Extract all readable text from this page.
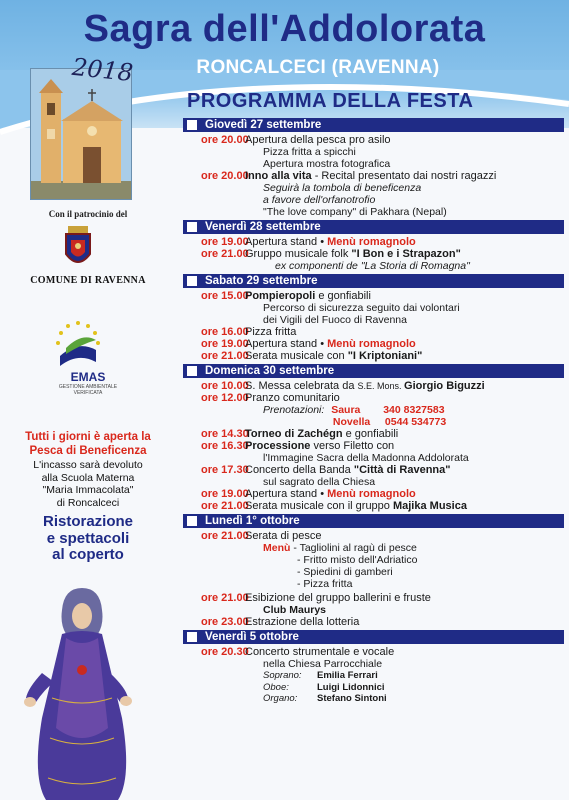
Sagra dell'Addolorata
RONCALCECI (RAVENNA)
2018
PROGRAMMA DELLA FESTA
Con il patrocinio del
COMUNE DI RAVENNA
EMAS
GESTIONE AMBIENTALE
VERIFICATA
Tutti i giorni è aperta la
Pesca di Beneficenza
L'incasso sarà devoluto
alla Scuola Materna
"Maria Immacolata"
di Roncalceci
Ristorazione
e spettacoli
al coperto
Giovedì 27 settembre
ore 20.00
Apertura della pesca pro asilo
Pizza fritta a spicchi
Apertura mostra fotografica
ore 20.00
Inno alla vita - Recital presentato dai nostri ragazzi
Seguirà la tombola di beneficenza
a favore dell'orfanotrofio
"The love company" di Pakhara (Nepal)
Venerdì 28 settembre
ore 19.00
Apertura stand • Menù romagnolo
ore 21.00
Gruppo musicale folk "I Bon e i Strapazon"
ex componenti de "La Storia di Romagna"
Sabato 29 settembre
ore 15.00
Pompieropoli e gonfiabili
Percorso di sicurezza seguito dai volontari
dei Vigili del Fuoco di Ravenna
ore 16.00
Pizza fritta
ore 19.00
Apertura stand • Menù romagnolo
ore 21.00
Serata musicale con "I Kriptoniani"
Domenica 30 settembre
ore 10.00
S. Messa celebrata da S.E. Mons. Giorgio Biguzzi
ore 12.00
Pranzo comunitario
Prenotazioni: Saura 340 8327583
Novella 0544 534773
ore 14.30
Torneo di Zachégn e gonfiabili
ore 16.30
Processione verso Filetto con
l'Immagine Sacra della Madonna Addolorata
ore 17.30
Concerto della Banda "Città di Ravenna"
sul sagrato della Chiesa
ore 19.00
Apertura stand • Menù romagnolo
ore 21.00
Serata musicale con il gruppo Majika Musica
Lunedì 1° ottobre
ore 21.00
Serata di pesce
Menù - Tagliolini al ragù di pesce
- Fritto misto dell'Adriatico
- Spiedini di gamberi
- Pizza fritta
ore 21.00
Esibizione del gruppo ballerini e fruste
Club Maurys
ore 23.00
Estrazione della lotteria
Venerdì 5 ottobre
ore 20.30
Concerto strumentale e vocale
nella Chiesa Parrocchiale
Soprano: Emilia Ferrari
Oboe:	Luigi Lidonnici
Organo: Stefano Sintoni
